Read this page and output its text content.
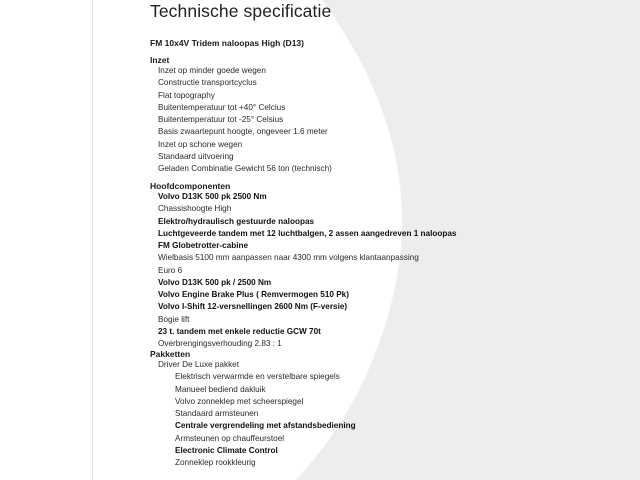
Technische specificatie
FM 10x4V Tridem naloopas High (D13)
Inzet
Inzet op minder goede wegen
Constructie transportcyclus
Flat topography
Buitentemperatuur tot +40° Celcius
Buitentemperatuur tot -25° Celsius
Basis zwaartepunt hoogte, ongeveer 1.6 meter
Inzet op schone wegen
Standaard uitvoering
Geladen Combinatie Gewicht 56 ton (technisch)
Hoofdcomponenten
Volvo D13K 500 pk 2500 Nm
Chassishoogte High
Elektro/hydraulisch gestuurde naloopas
Luchtgeveerde tandem met 12 luchtbalgen, 2 assen aangedreven 1 naloopas
FM Globetrotter-cabine
Wielbasis 5100 mm aanpassen naar 4300 mm volgens klantaanpassing
Euro 6
Volvo D13K 500 pk / 2500 Nm
Volvo Engine Brake Plus ( Remvermogen 510 Pk)
Volvo I-Shift 12-versnellingen 2600 Nm (F-versie)
Bogie lift
23 t. tandem met enkele reductie GCW 70t
Overbrengingsverhouding 2.83 : 1
Pakketten
Driver De Luxe pakket
Elektrisch verwarmde en verstelbare spiegels
Manueel bediend dakluik
Volvo zonneklep met scheerspiegel
Standaard armsteunen
Centrale vergrendeling met afstandsbediening
Armsteunen op chauffeurstoel
Electronic Climate Control
Zonneklep rookkleurig
